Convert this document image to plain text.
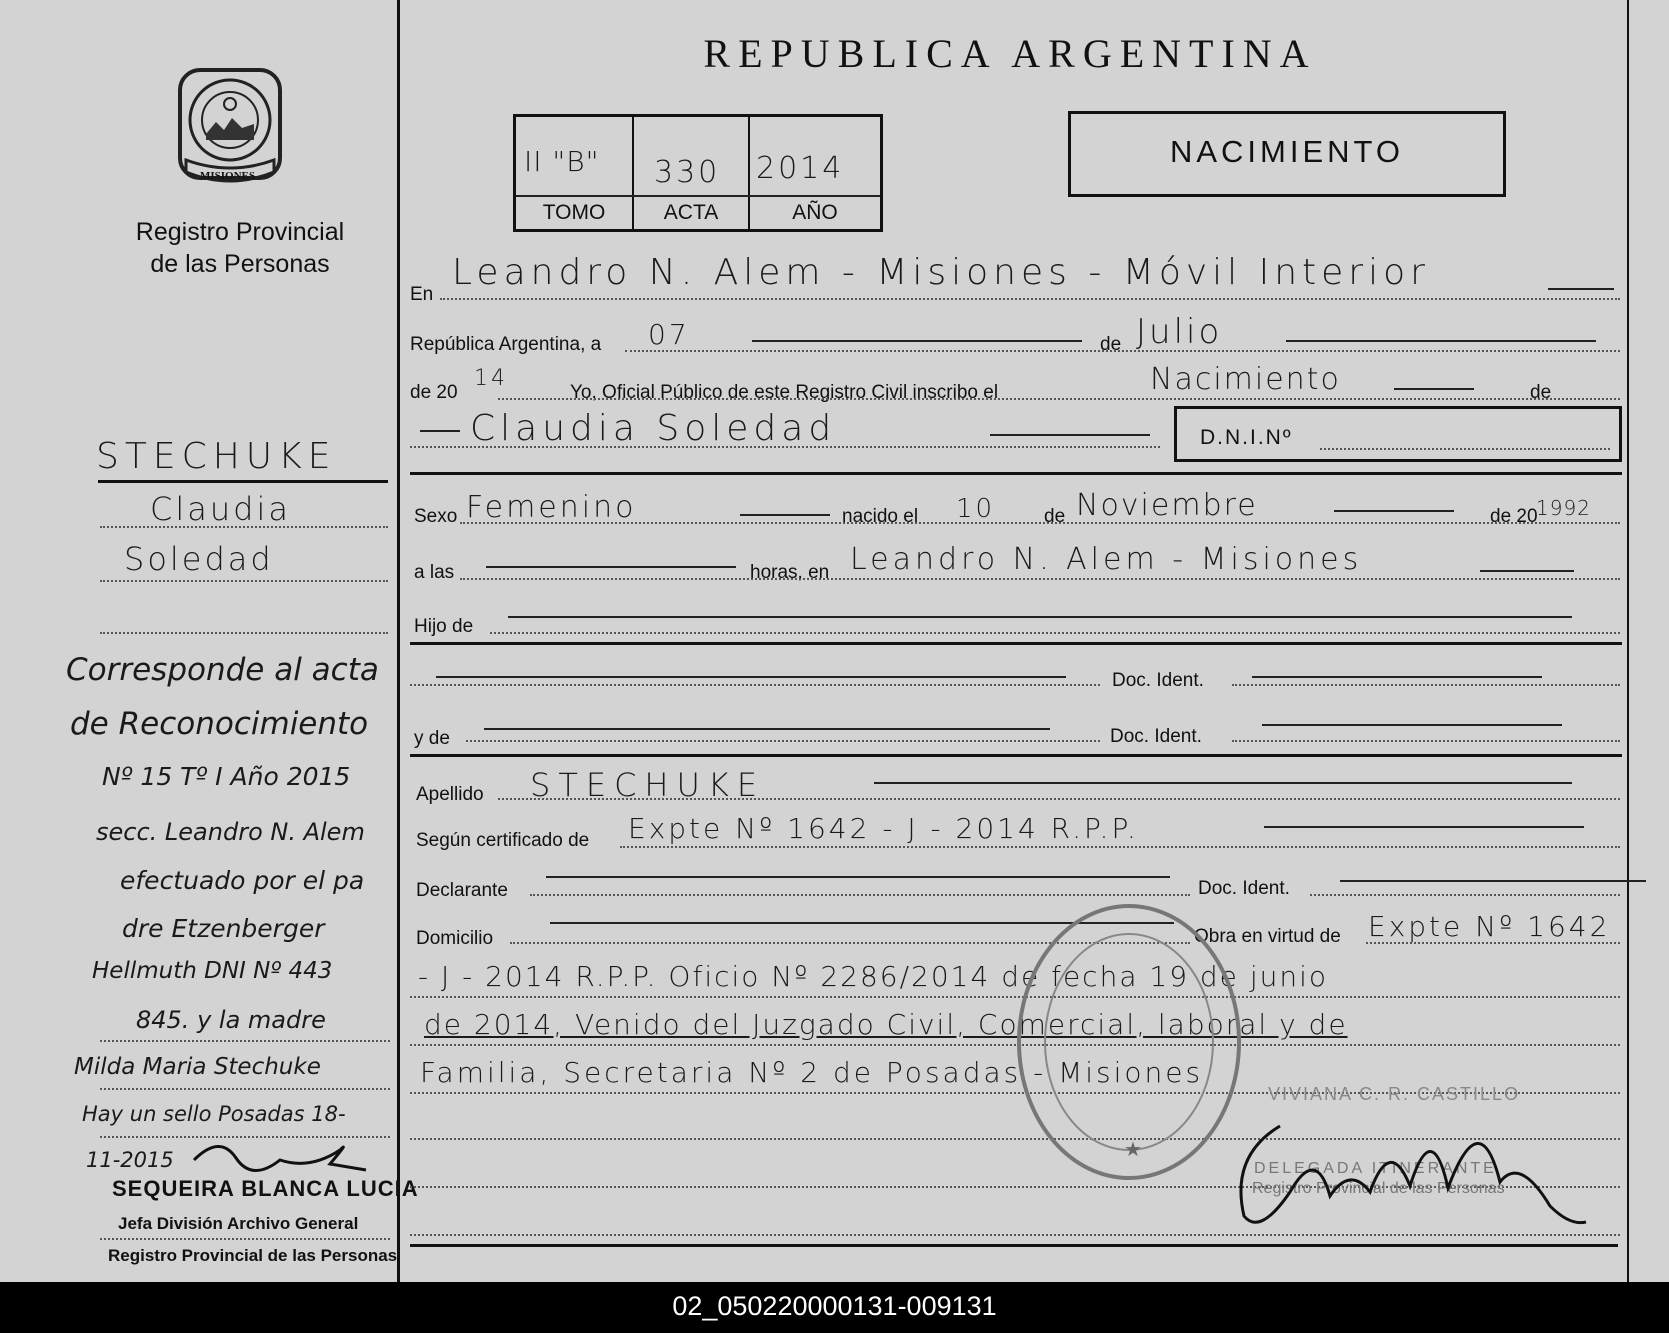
REPUBLICA ARGENTINA
MISIONES
Registro Provincial
de las Personas
II "B" 330 2014
TOMO	ACTA	AÑO
NACIMIENTO
STECHUKE
Claudia
Soledad
Corresponde al acta
de Reconocimiento
Nº 15 Tº I Año 2015
secc. Leandro N. Alem
efectuado por el pa
dre Etzenberger
Hellmuth DNI Nº 443
845. y la madre
Milda Maria Stechuke
Hay un sello Posadas 18-
11-2015
SEQUEIRA BLANCA LUCIA
Jefa División Archivo General
Registro Provincial de las Personas
En
Leandro N. Alem - Misiones - Móvil Interior
República Argentina, a 07	de Julio
de 20
14
Yo, Oficial Público de este Registro Civil inscribo el	Nacimiento	de
Claudia Soledad	D.N.I.Nº
Sexo Femenino	nacido el 10	de Noviembre	de 20
1992
a las	horas, en Leandro N. Alem - Misiones
Hijo de
Doc. Ident.
y de	Doc. Ident.
Apellido STECHUKE
Según certificado de Expte Nº 1642 - J - 2014 R.P.P.
Declarante	Doc. Ident.
Domicilio	Obra en virtud de Expte Nº 1642
- J - 2014 R.P.P. Oficio Nº 2286/2014 de fecha 19 de junio
de 2014, Venido del Juzgado Civil, Comercial, laboral y de
Familia, Secretaria Nº 2 de Posadas - Misiones
★
VIVIANA C. R. CASTILLO
DELEGADA ITINERANTE
Registro Provincial de las Personas
02_050220000131-009131
